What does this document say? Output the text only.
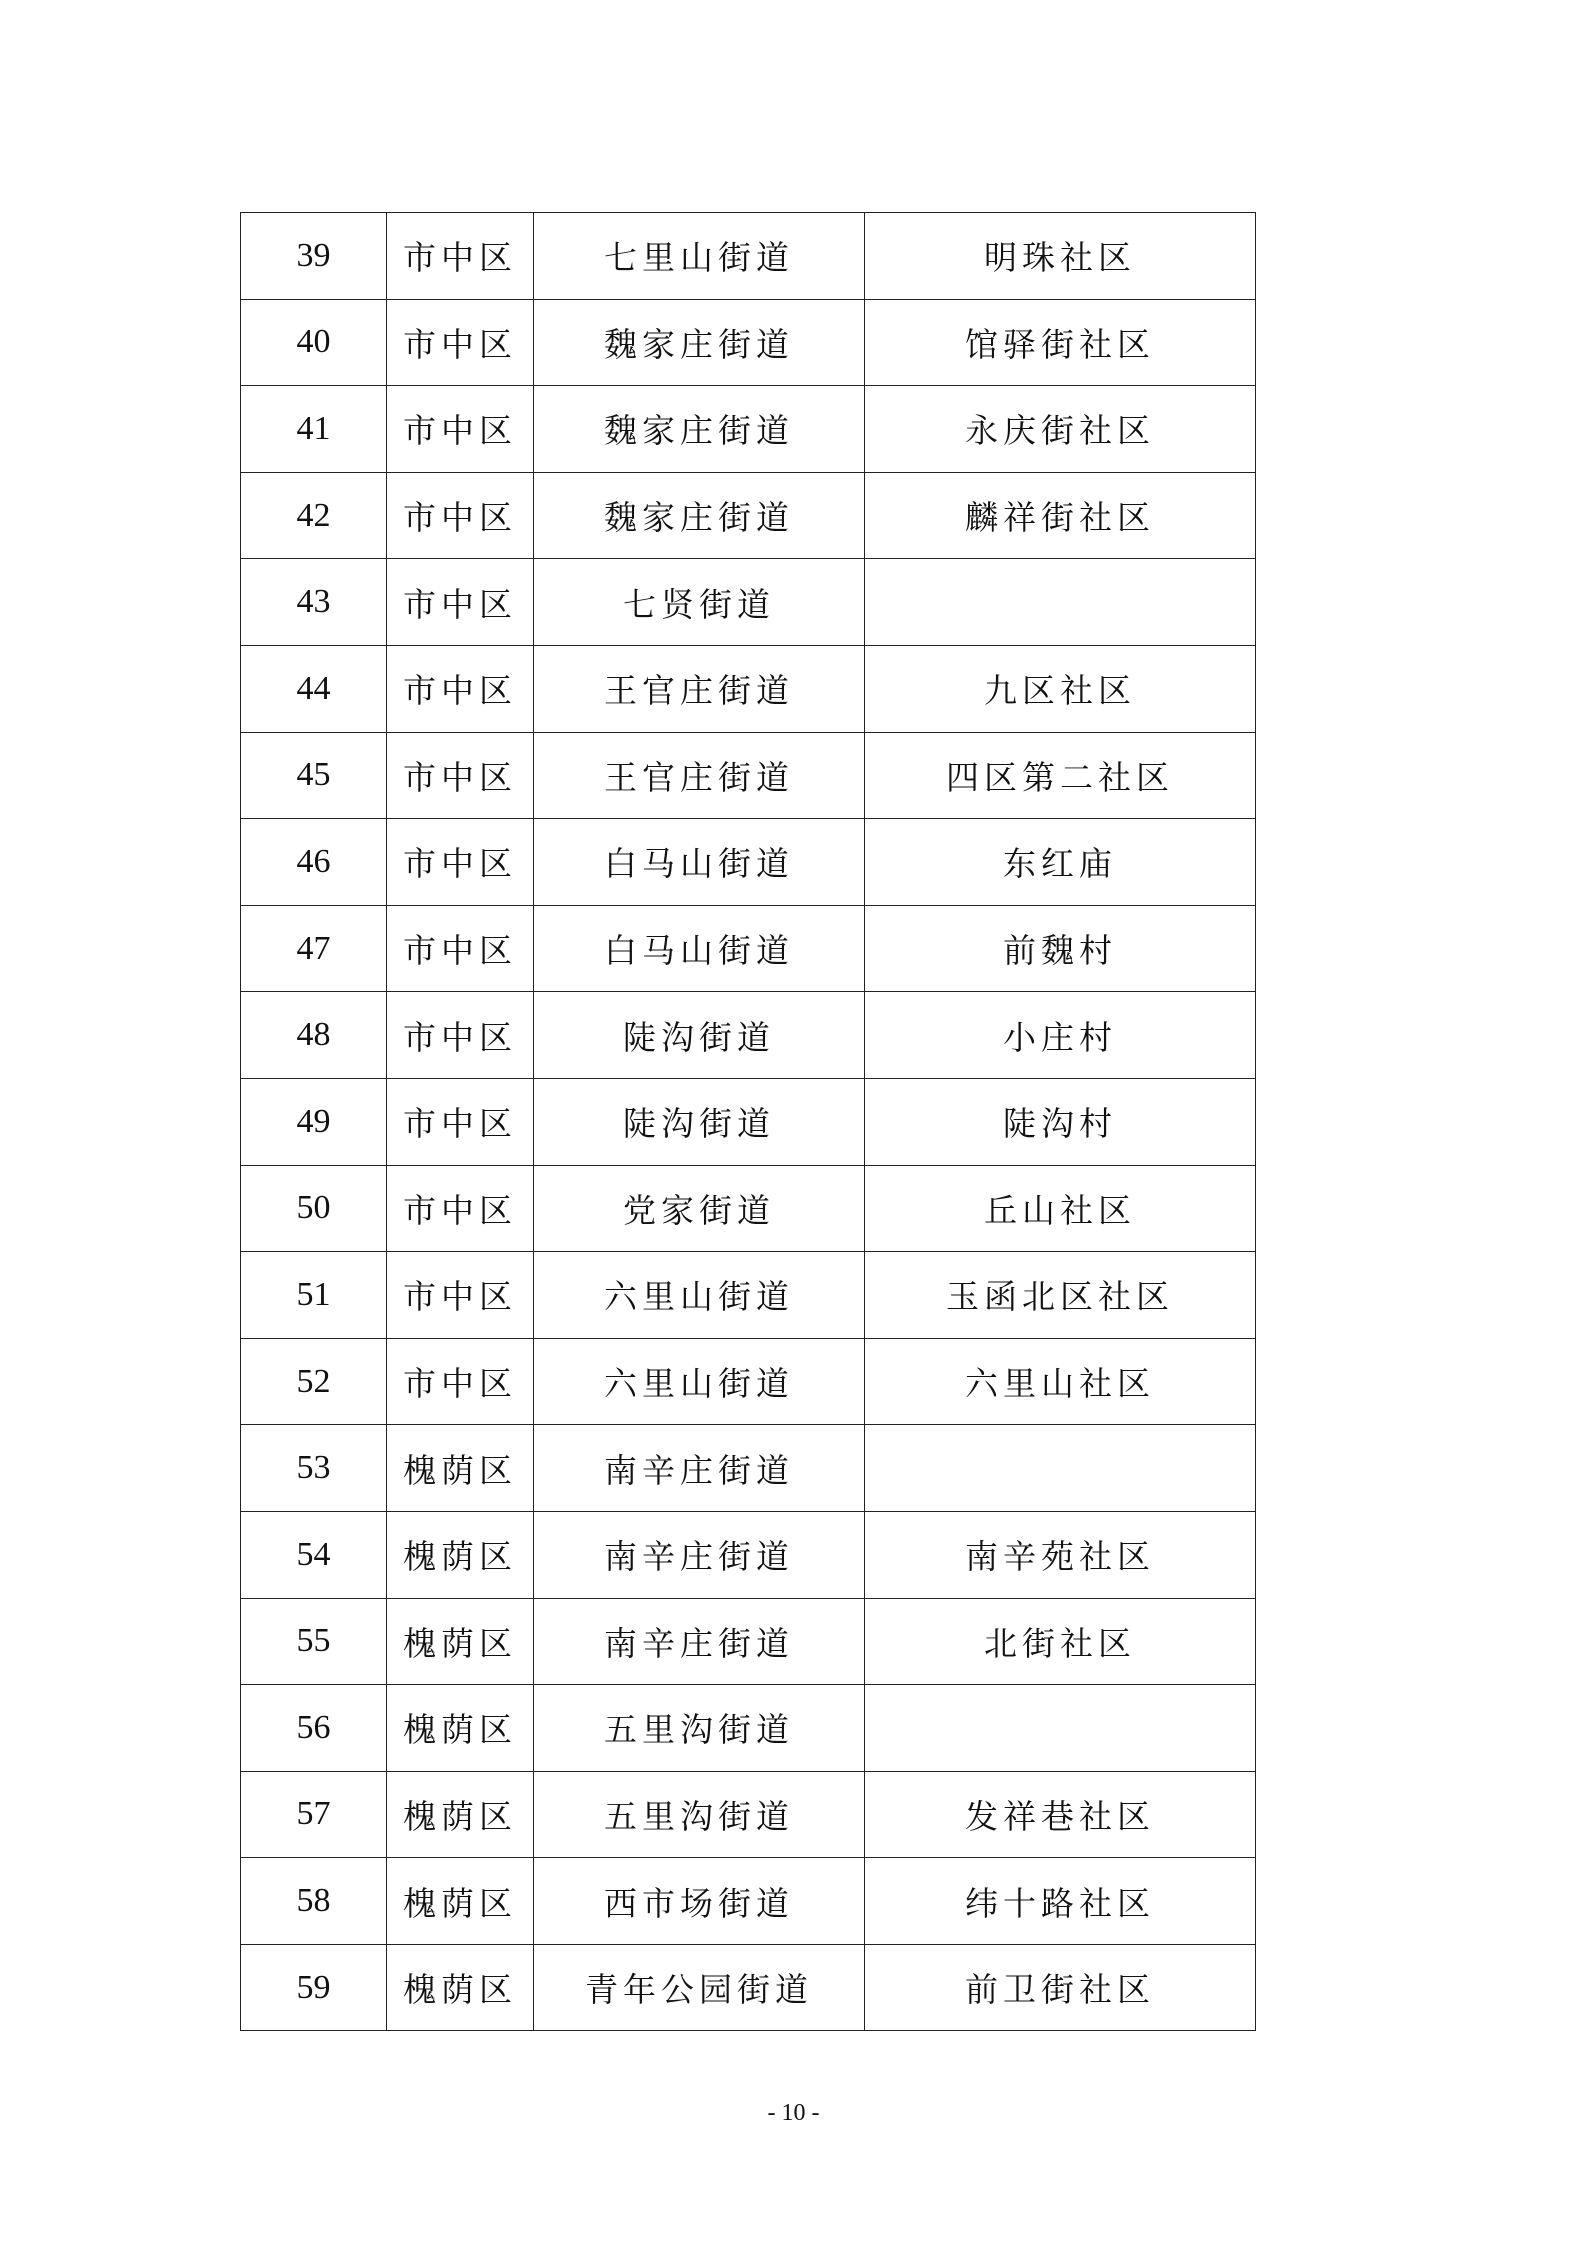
39	市中区	七里山街道	明珠社区
40	市中区	魏家庄街道	馆驿街社区
41	市中区	魏家庄街道	永庆街社区
42	市中区	魏家庄街道	麟祥街社区
43	市中区	七贤街道	
44	市中区	王官庄街道	九区社区
45	市中区	王官庄街道	四区第二社区
46	市中区	白马山街道	东红庙
47	市中区	白马山街道	前魏村
48	市中区	陡沟街道	小庄村
49	市中区	陡沟街道	陡沟村
50	市中区	党家街道	丘山社区
51	市中区	六里山街道	玉函北区社区
52	市中区	六里山街道	六里山社区
53	槐荫区	南辛庄街道	
54	槐荫区	南辛庄街道	南辛苑社区
55	槐荫区	南辛庄街道	北街社区
56	槐荫区	五里沟街道	
57	槐荫区	五里沟街道	发祥巷社区
58	槐荫区	西市场街道	纬十路社区
59	槐荫区	青年公园街道	前卫街社区
- 10 -
